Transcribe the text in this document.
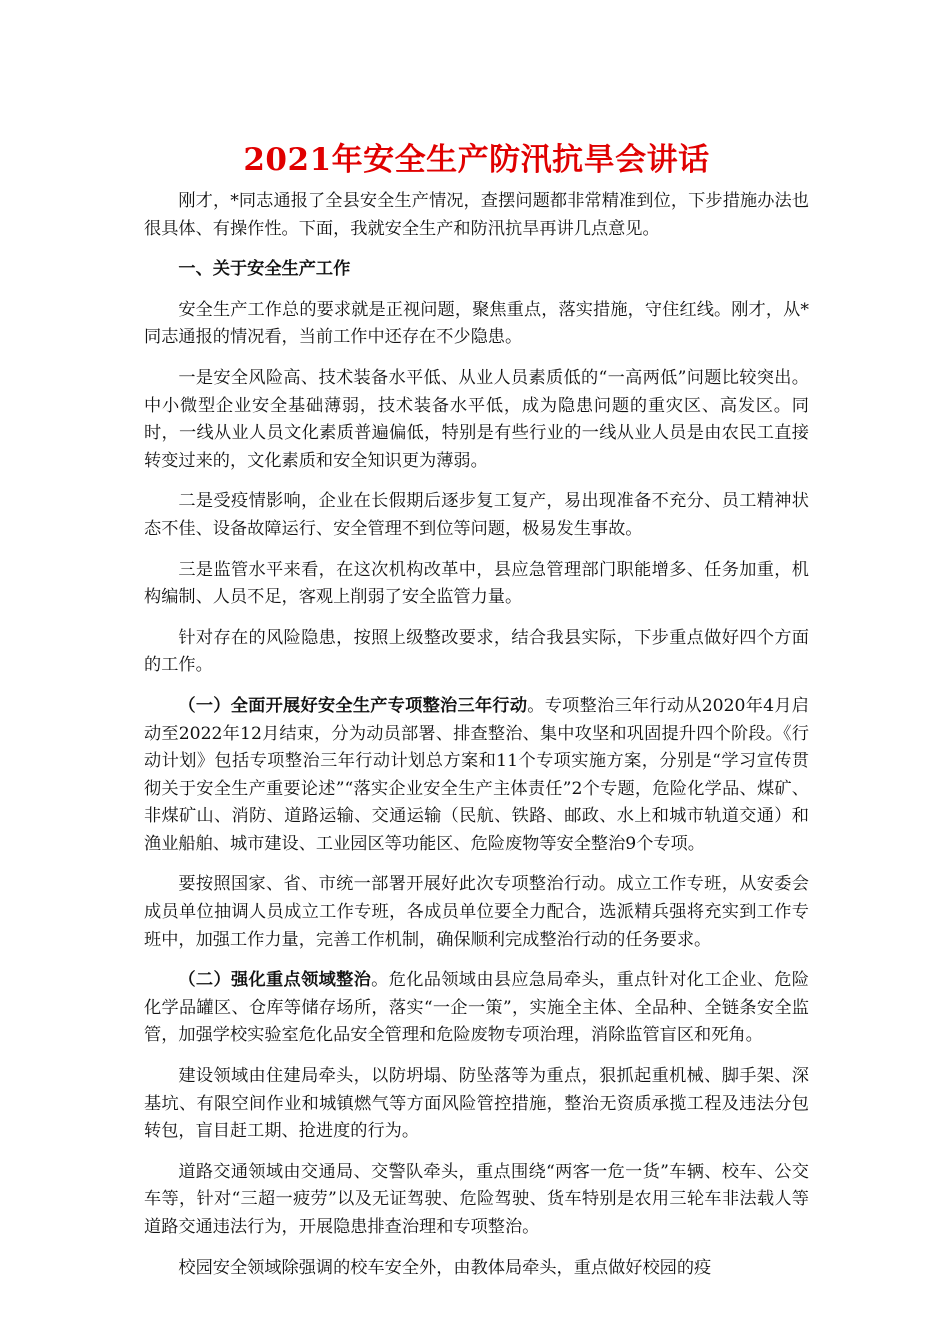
2021年安全生产防汛抗旱会讲话

刚才，*同志通报了全县安全生产情况，查摆问题都非常精准到位，下步措施办法也很具体、有操作性。下面，我就安全生产和防汛抗旱再讲几点意见。

一、关于安全生产工作

安全生产工作总的要求就是正视问题，聚焦重点，落实措施，守住红线。刚才，从*同志通报的情况看，当前工作中还存在不少隐患。

一是安全风险高、技术装备水平低、从业人员素质低的“一高两低”问题比较突出。中小微型企业安全基础薄弱，技术装备水平低，成为隐患问题的重灾区、高发区。同时，一线从业人员文化素质普遍偏低，特别是有些行业的一线从业人员是由农民工直接转变过来的，文化素质和安全知识更为薄弱。

二是受疫情影响，企业在长假期后逐步复工复产，易出现准备不充分、员工精神状态不佳、设备故障运行、安全管理不到位等问题，极易发生事故。

三是监管水平来看，在这次机构改革中，县应急管理部门职能增多、任务加重，机构编制、人员不足，客观上削弱了安全监管力量。

针对存在的风险隐患，按照上级整改要求，结合我县实际，下步重点做好四个方面的工作。

（一）全面开展好安全生产专项整治三年行动。专项整治三年行动从2020年4月启动至2022年12月结束，分为动员部署、排查整治、集中攻坚和巩固提升四个阶段。《行动计划》包括专项整治三年行动计划总方案和11个专项实施方案，分别是“学习宣传贯彻关于安全生产重要论述”“落实企业安全生产主体责任”2个专题，危险化学品、煤矿、非煤矿山、消防、道路运输、交通运输（民航、铁路、邮政、水上和城市轨道交通）和渔业船舶、城市建设、工业园区等功能区、危险废物等安全整治9个专项。

要按照国家、省、市统一部署开展好此次专项整治行动。成立工作专班，从安委会成员单位抽调人员成立工作专班，各成员单位要全力配合，选派精兵强将充实到工作专班中，加强工作力量，完善工作机制，确保顺利完成整治行动的任务要求。

（二）强化重点领域整治。危化品领域由县应急局牵头，重点针对化工企业、危险化学品罐区、仓库等储存场所，落实“一企一策”，实施全主体、全品种、全链条安全监管，加强学校实验室危化品安全管理和危险废物专项治理，消除监管盲区和死角。

建设领域由住建局牵头，以防坍塌、防坠落等为重点，狠抓起重机械、脚手架、深基坑、有限空间作业和城镇燃气等方面风险管控措施，整治无资质承揽工程及违法分包转包，盲目赶工期、抢进度的行为。

道路交通领域由交通局、交警队牵头，重点围绕“两客一危一货”车辆、校车、公交车等，针对“三超一疲劳”以及无证驾驶、危险驾驶、货车特别是农用三轮车非法载人等道路交通违法行为，开展隐患排查治理和专项整治。

校园安全领域除强调的校车安全外，由教体局牵头，重点做好校园的疫
